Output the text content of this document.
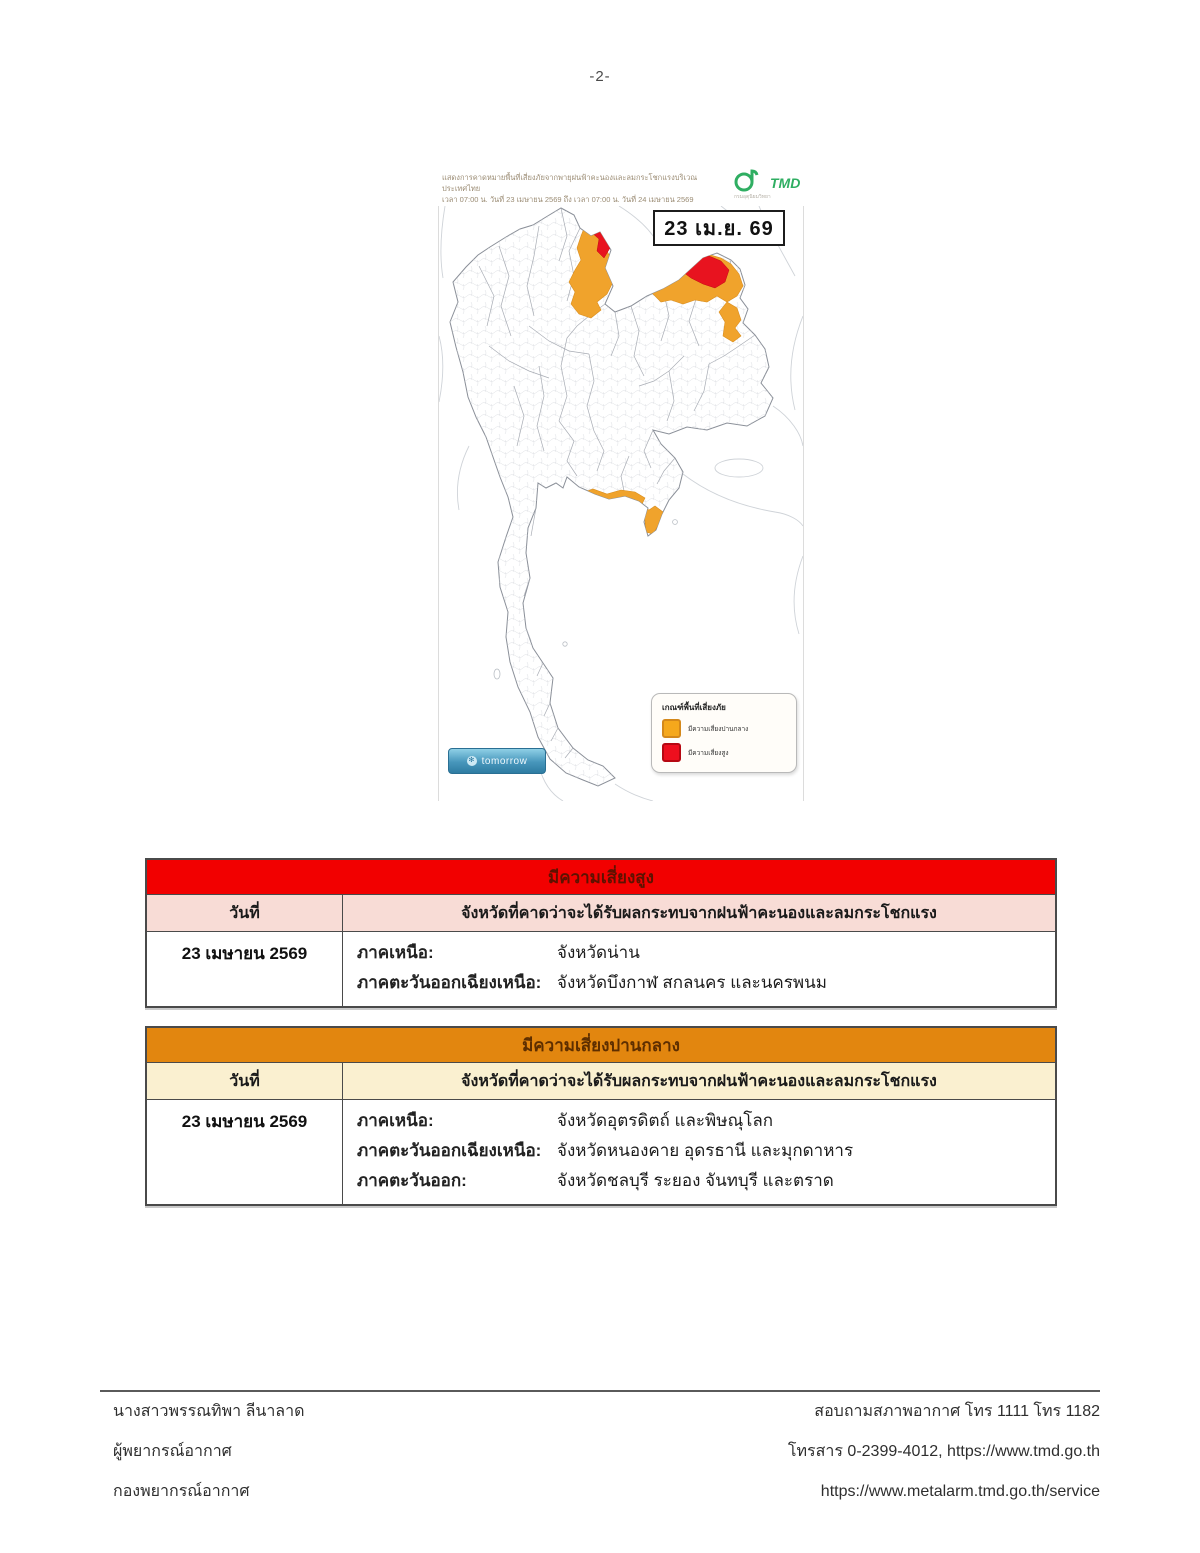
-2-
แสดงการคาดหมายพื้นที่เสี่ยงภัยจากพายุฝนฟ้าคะนองและลมกระโชกแรงบริเวณประเทศไทย
เวลา 07:00 น. วันที่ 23 เมษายน 2569 ถึง เวลา 07:00 น. วันที่ 24 เมษายน 2569
TMD
กรมอุตุนิยมวิทยา
23 เม.ย. 69
เกณฑ์พื้นที่เสี่ยงภัย
มีความเสี่ยงปานกลาง
มีความเสี่ยงสูง
✻ tomorrow
มีความเสี่ยงสูง
วันที่	จังหวัดที่คาดว่าจะได้รับผลกระทบจากฝนฟ้าคะนองและลมกระโชกแรง
23 เมษายน 2569	ภาคเหนือ:	จังหวัดน่าน
ภาคตะวันออกเฉียงเหนือ: จังหวัดบึงกาฬ สกลนคร และนครพนม
มีความเสี่ยงปานกลาง
วันที่	จังหวัดที่คาดว่าจะได้รับผลกระทบจากฝนฟ้าคะนองและลมกระโชกแรง
23 เมษายน 2569	ภาคเหนือ:	จังหวัดอุตรดิตถ์ และพิษณุโลก
ภาคตะวันออกเฉียงเหนือ: จังหวัดหนองคาย อุดรธานี และมุกดาหาร
ภาคตะวันออก:	จังหวัดชลบุรี ระยอง จันทบุรี และตราด
นางสาวพรรณทิพา ลีนาลาด
ผู้พยากรณ์อากาศ
กองพยากรณ์อากาศ
สอบถามสภาพอากาศ โทร 1111 โทร 1182
โทรสาร 0-2399-4012, https://www.tmd.go.th
https://www.metalarm.tmd.go.th/service
